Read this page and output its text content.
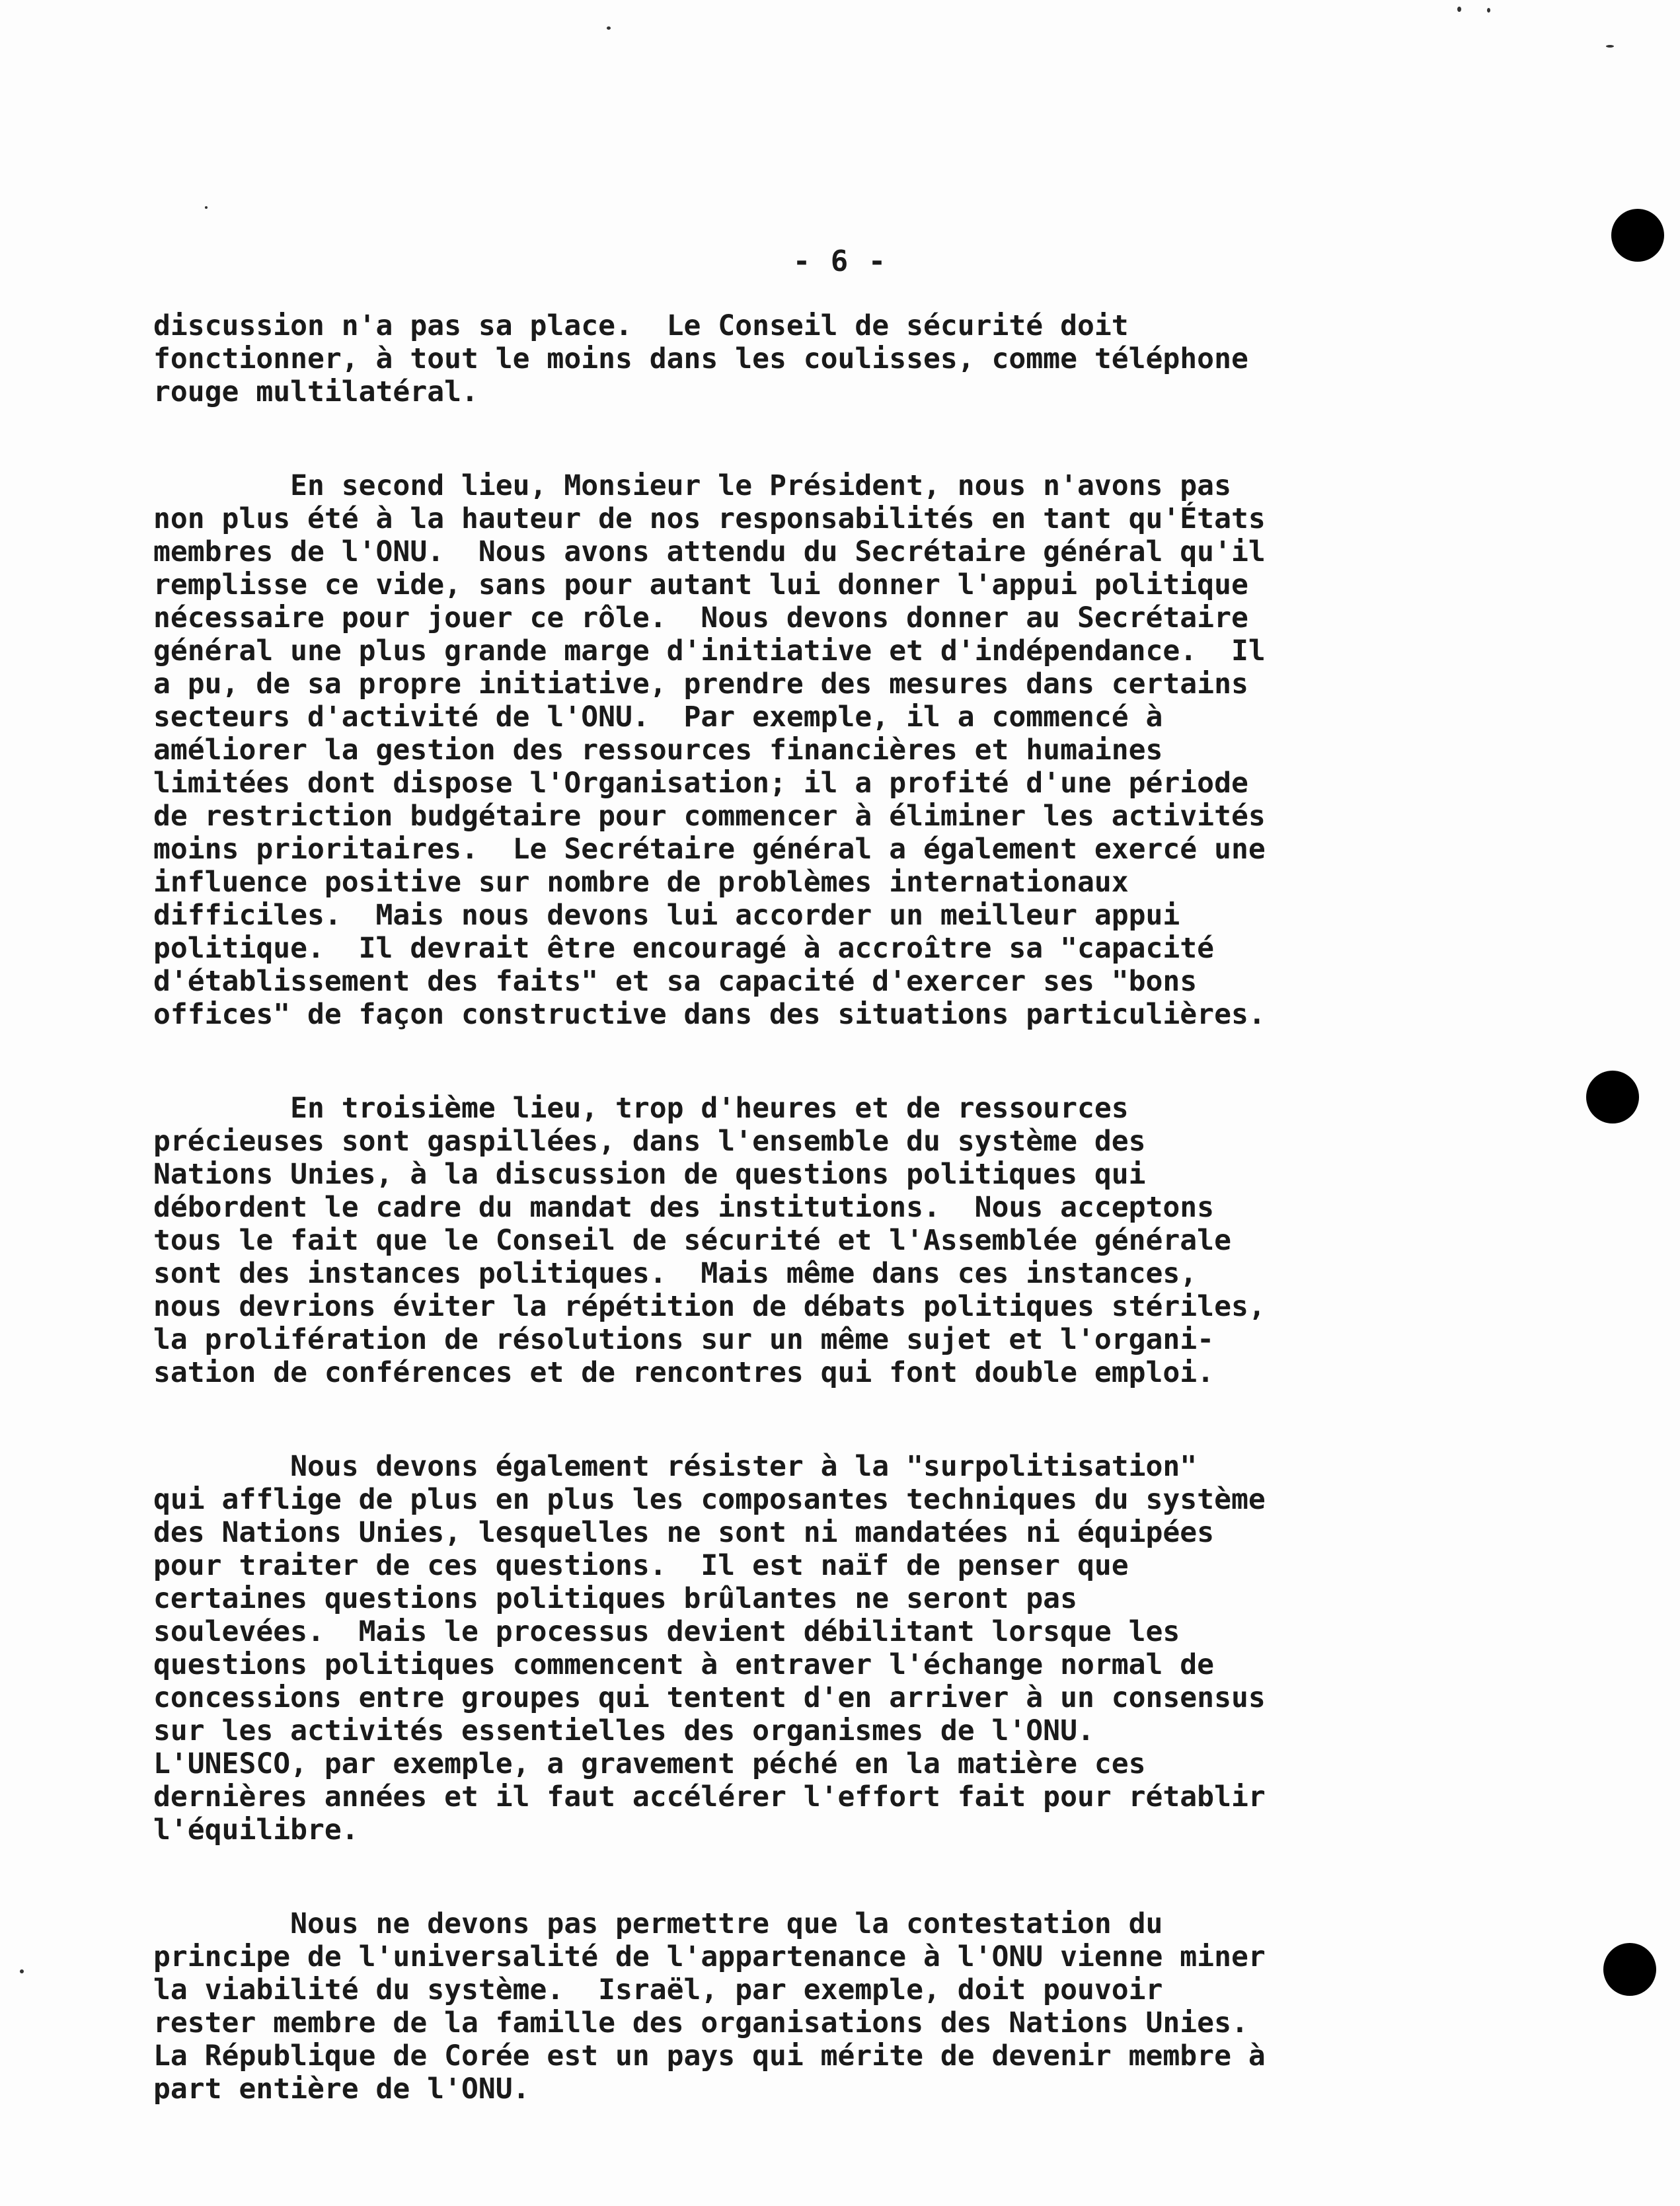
- 6 -

discussion n'a pas sa place.  Le Conseil de sécurité doit
fonctionner, à tout le moins dans les coulisses, comme téléphone
rouge multilatéral.

En second lieu, Monsieur le Président, nous n'avons pas
non plus été à la hauteur de nos responsabilités en tant qu'États
membres de l'ONU.  Nous avons attendu du Secrétaire général qu'il
remplisse ce vide, sans pour autant lui donner l'appui politique
nécessaire pour jouer ce rôle.  Nous devons donner au Secrétaire
général une plus grande marge d'initiative et d'indépendance.  Il
a pu, de sa propre initiative, prendre des mesures dans certains
secteurs d'activité de l'ONU.  Par exemple, il a commencé à
améliorer la gestion des ressources financières et humaines
limitées dont dispose l'Organisation; il a profité d'une période
de restriction budgétaire pour commencer à éliminer les activités
moins prioritaires.  Le Secrétaire général a également exercé une
influence positive sur nombre de problèmes internationaux
difficiles.  Mais nous devons lui accorder un meilleur appui
politique.  Il devrait être encouragé à accroître sa "capacité
d'établissement des faits" et sa capacité d'exercer ses "bons
offices" de façon constructive dans des situations particulières.

En troisième lieu, trop d'heures et de ressources
précieuses sont gaspillées, dans l'ensemble du système des
Nations Unies, à la discussion de questions politiques qui
débordent le cadre du mandat des institutions.  Nous acceptons
tous le fait que le Conseil de sécurité et l'Assemblée générale
sont des instances politiques.  Mais même dans ces instances,
nous devrions éviter la répétition de débats politiques stériles,
la prolifération de résolutions sur un même sujet et l'organi-
sation de conférences et de rencontres qui font double emploi.

Nous devons également résister à la "surpolitisation"
qui afflige de plus en plus les composantes techniques du système
des Nations Unies, lesquelles ne sont ni mandatées ni équipées
pour traiter de ces questions.  Il est naïf de penser que
certaines questions politiques brûlantes ne seront pas
soulevées.  Mais le processus devient débilitant lorsque les
questions politiques commencent à entraver l'échange normal de
concessions entre groupes qui tentent d'en arriver à un consensus
sur les activités essentielles des organismes de l'ONU.
L'UNESCO, par exemple, a gravement péché en la matière ces
dernières années et il faut accélérer l'effort fait pour rétablir
l'équilibre.

Nous ne devons pas permettre que la contestation du
principe de l'universalité de l'appartenance à l'ONU vienne miner
la viabilité du système.  Israël, par exemple, doit pouvoir
rester membre de la famille des organisations des Nations Unies.
La République de Corée est un pays qui mérite de devenir membre à
part entière de l'ONU.
